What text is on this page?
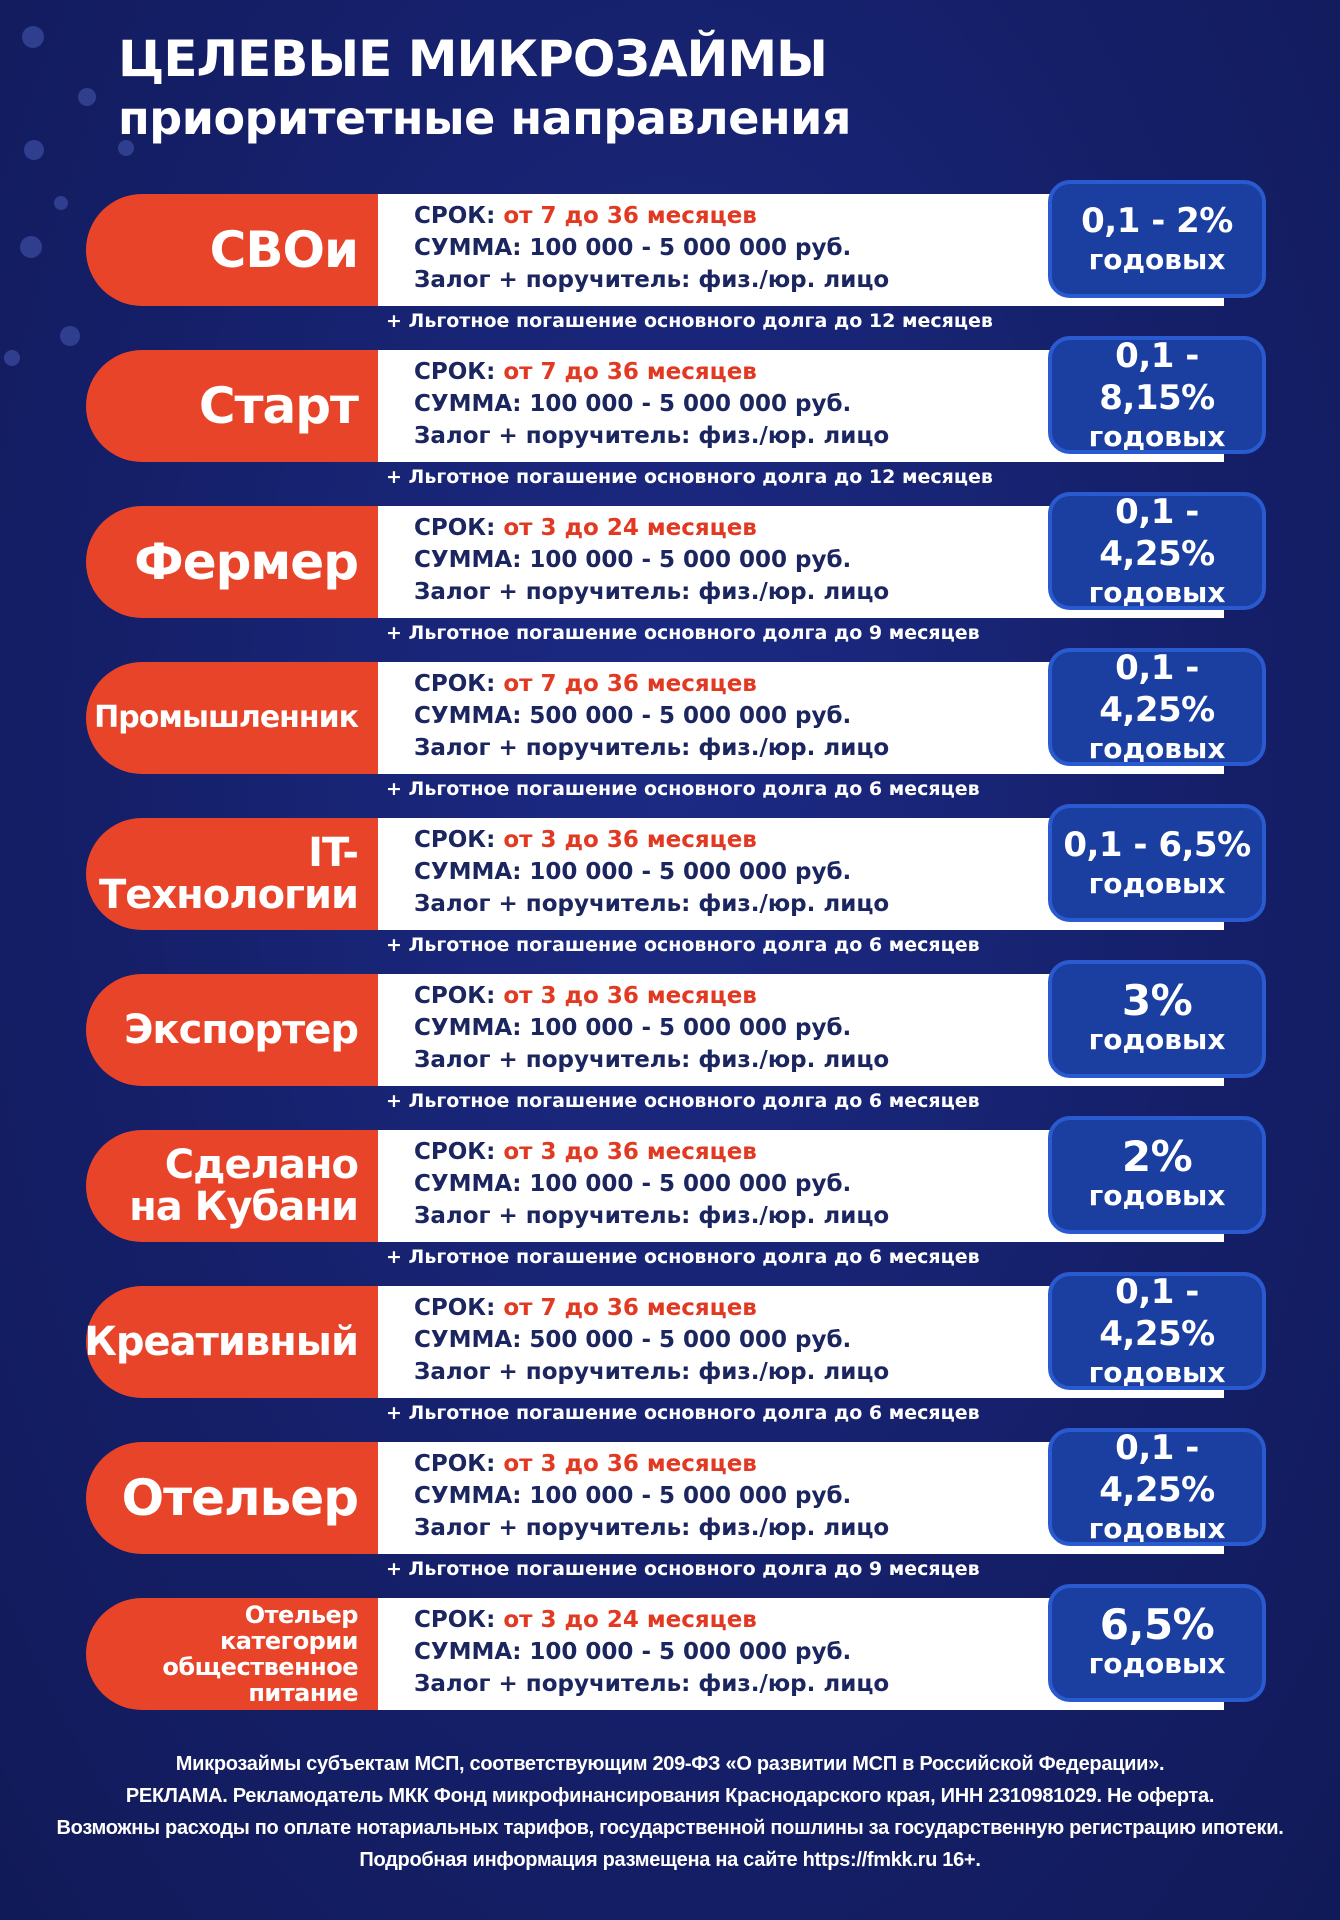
ЦЕЛЕВЫЕ МИКРОЗАЙМЫ
приоритетные направления
СВОи

СРОК: от 7 до 36 месяцев

СУММА: 100 000 - 5 000 000 руб.

Залог + поручитель: физ./юр. лицо

0,1 - 2%
годовых
+ Льготное погашение основного долга до 12 месяцев
Старт

СРОК: от 7 до 36 месяцев

СУММА: 100 000 - 5 000 000 руб.

Залог + поручитель: физ./юр. лицо

0,1 - 8,15%
годовых
+ Льготное погашение основного долга до 12 месяцев
Фермер

СРОК: от 3 до 24 месяцев

СУММА: 100 000 - 5 000 000 руб.

Залог + поручитель: физ./юр. лицо

0,1 - 4,25%
годовых
+ Льготное погашение основного долга до 9 месяцев
Промышленник

СРОК: от 7 до 36 месяцев

СУММА: 500 000 - 5 000 000 руб.

Залог + поручитель: физ./юр. лицо

0,1 - 4,25%
годовых
+ Льготное погашение основного долга до 6 месяцев
IT-
Технологии

СРОК: от 3 до 36 месяцев

СУММА: 100 000 - 5 000 000 руб.

Залог + поручитель: физ./юр. лицо

0,1 - 6,5%
годовых
+ Льготное погашение основного долга до 6 месяцев
Экспортер

СРОК: от 3 до 36 месяцев

СУММА: 100 000 - 5 000 000 руб.

Залог + поручитель: физ./юр. лицо

3%
годовых
+ Льготное погашение основного долга до 6 месяцев
Сделано
на Кубани

СРОК: от 3 до 36 месяцев

СУММА: 100 000 - 5 000 000 руб.

Залог + поручитель: физ./юр. лицо

2%
годовых
+ Льготное погашение основного долга до 6 месяцев
Креативный

СРОК: от 7 до 36 месяцев

СУММА: 500 000 - 5 000 000 руб.

Залог + поручитель: физ./юр. лицо

0,1 - 4,25%
годовых
+ Льготное погашение основного долга до 6 месяцев
Отельер

СРОК: от 3 до 36 месяцев

СУММА: 100 000 - 5 000 000 руб.

Залог + поручитель: физ./юр. лицо

0,1 - 4,25%
годовых
+ Льготное погашение основного долга до 9 месяцев
Отельер
категории
общественное
питание

СРОК: от 3 до 24 месяцев

СУММА: 100 000 - 5 000 000 руб.

Залог + поручитель: физ./юр. лицо

6,5%
годовых

Микрозаймы субъектам МСП, соответствующим 209-ФЗ «О развитии МСП в Российской Федерации».

РЕКЛАМА. Рекламодатель МКК Фонд микрофинансирования Краснодарского края, ИНН 2310981029. Не оферта.

Возможны расходы по оплате нотариальных тарифов, государственной пошлины за государственную регистрацию ипотеки.

Подробная информация размещена на сайте https://fmkk.ru 16+.
